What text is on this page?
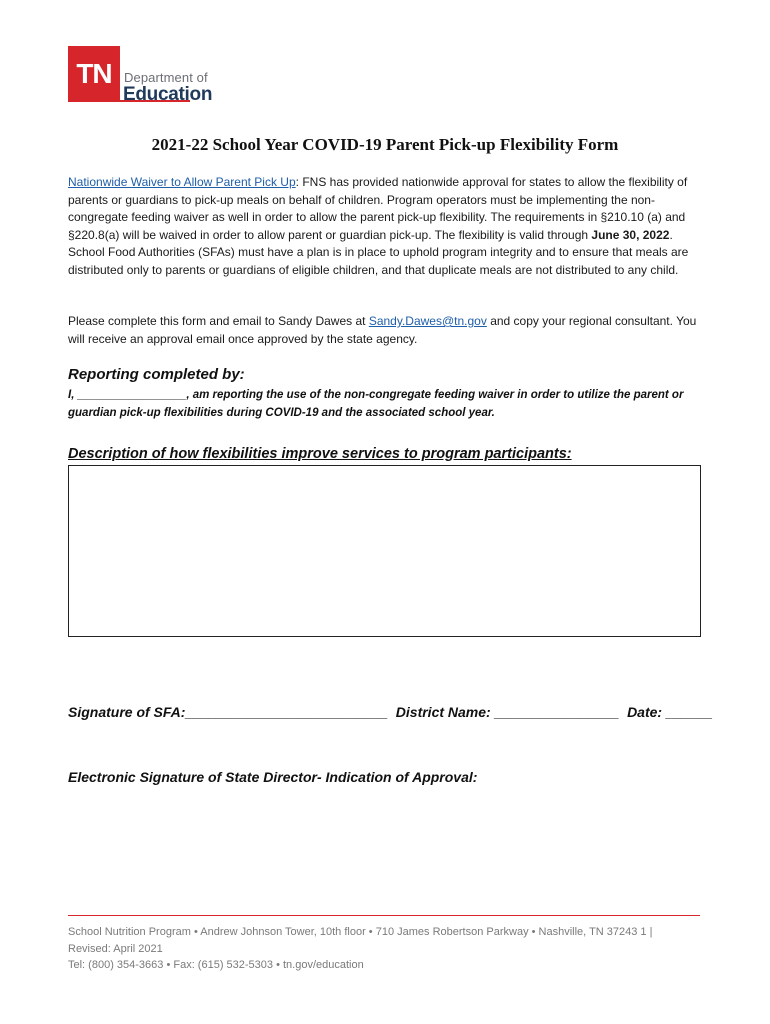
TN Department of
Education
2021-22 School Year COVID-19 Parent Pick-up Flexibility Form
Nationwide Waiver to Allow Parent Pick Up: FNS has provided nationwide approval for states to allow the flexibility of parents or guardians to pick-up meals on behalf of children. Program operators must be implementing the non-congregate feeding waiver as well in order to allow the parent pick-up flexibility. The requirements in §210.10 (a) and §220.8(a) will be waived in order to allow parent or guardian pick-up. The flexibility is valid through June 30, 2022. School Food Authorities (SFAs) must have a plan is in place to uphold program integrity and to ensure that meals are distributed only to parents or guardians of eligible children, and that duplicate meals are not distributed to any child.
Please complete this form and email to Sandy Dawes at Sandy.Dawes@tn.gov and copy your regional consultant. You will receive an approval email once approved by the state agency.
Reporting completed by:
I, _________________, am reporting the use of the non-congregate feeding waiver in order to utilize the parent or guardian pick-up flexibilities during COVID-19 and the associated school year.
Description of how flexibilities improve services to program participants:
Signature of SFA:__________________________ District Name: ________________ Date: ______
Electronic Signature of State Director- Indication of Approval:
School Nutrition Program • Andrew Johnson Tower, 10th floor • 710 James Robertson Parkway • Nashville, TN 37243 1 |
Revised: April 2021
Tel: (800) 354-3663 • Fax: (615) 532-5303 • tn.gov/education
